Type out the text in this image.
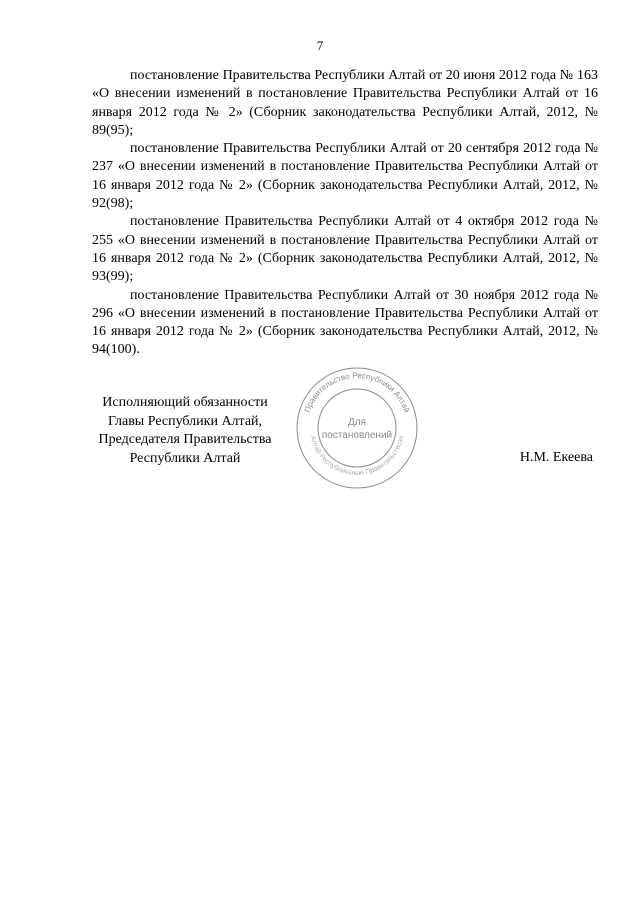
7

постановление Правительства Республики Алтай от 20 июня 2012 года № 163 «О внесении изменений в постановление Правительства Республики Алтай от 16 января 2012 года № 2» (Сборник законодательства Республики Алтай, 2012, № 89(95);

постановление Правительства Республики Алтай от 20 сентября 2012 года № 237 «О внесении изменений в постановление Правительства Республики Алтай от 16 января 2012 года № 2» (Сборник законодательства Республики Алтай, 2012, № 92(98);

постановление Правительства Республики Алтай от 4 октября 2012 года № 255 «О внесении изменений в постановление Правительства Республики Алтай от 16 января 2012 года № 2» (Сборник законодательства Республики Алтай, 2012, № 93(99);

постановление Правительства Республики Алтай от 30 ноября 2012 года № 296 «О внесении изменений в постановление Правительства Республики Алтай от 16 января 2012 года № 2» (Сборник законодательства Республики Алтай, 2012, № 94(100).

Исполняющий обязанности
Главы Республики Алтай,
Председателя Правительства
Республики Алтай	Н.М. Екеева
Правительство Республики Алтай
Алтай Республиканын Правительствози
Для
постановлений
